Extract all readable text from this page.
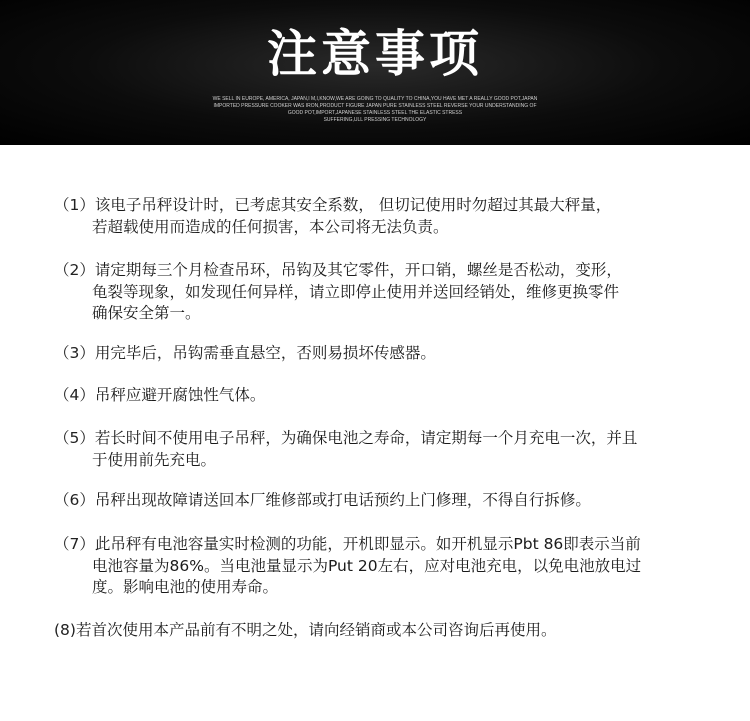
注意事项
WE SELL IN EUROPE, AMERICA, JAPAN,I M,I,KNOW,WE ARE GOING TO QUALITY TO CHINA,YOU HAVE MET A REALLY GOOD POT,JAPAN
IMPORTED PRESSURE COOKER WAS IRON,PRODUCT FIGURE JAPAN PURE STAINLESS STEEL REVERSE YOUR UNDERSTANDING OF
GOOD POT,IMPORT,JAPANESE STAINLESS STEEL THE ELASTIC STRESS
SUFFERING,ULL PRESSING TECHNOLOGY
（1）该电子吊秤设计时，已考虑其安全系数， 但切记使用时勿超过其最大秤量，
若超载使用而造成的任何损害，本公司将无法负责。
（2）请定期每三个月检查吊环，吊钩及其它零件，开口销，螺丝是否松动，变形，
龟裂等现象，如发现任何异样，请立即停止使用并送回经销处，维修更换零件
确保安全第一。
（3）用完毕后，吊钩需垂直悬空，否则易损坏传感器。
（4）吊秤应避开腐蚀性气体。
（5）若长时间不使用电子吊秤，为确保电池之寿命，请定期每一个月充电一次，并且
于使用前先充电。
（6）吊秤出现故障请送回本厂维修部或打电话预约上门修理，不得自行拆修。
（7）此吊秤有电池容量实时检测的功能，开机即显示。如开机显示Pbt 86即表示当前
电池容量为86%。当电池量显示为Put 20左右，应对电池充电，以免电池放电过
度。影响电池的使用寿命。
(8)若首次使用本产品前有不明之处，请向经销商或本公司咨询后再使用。
